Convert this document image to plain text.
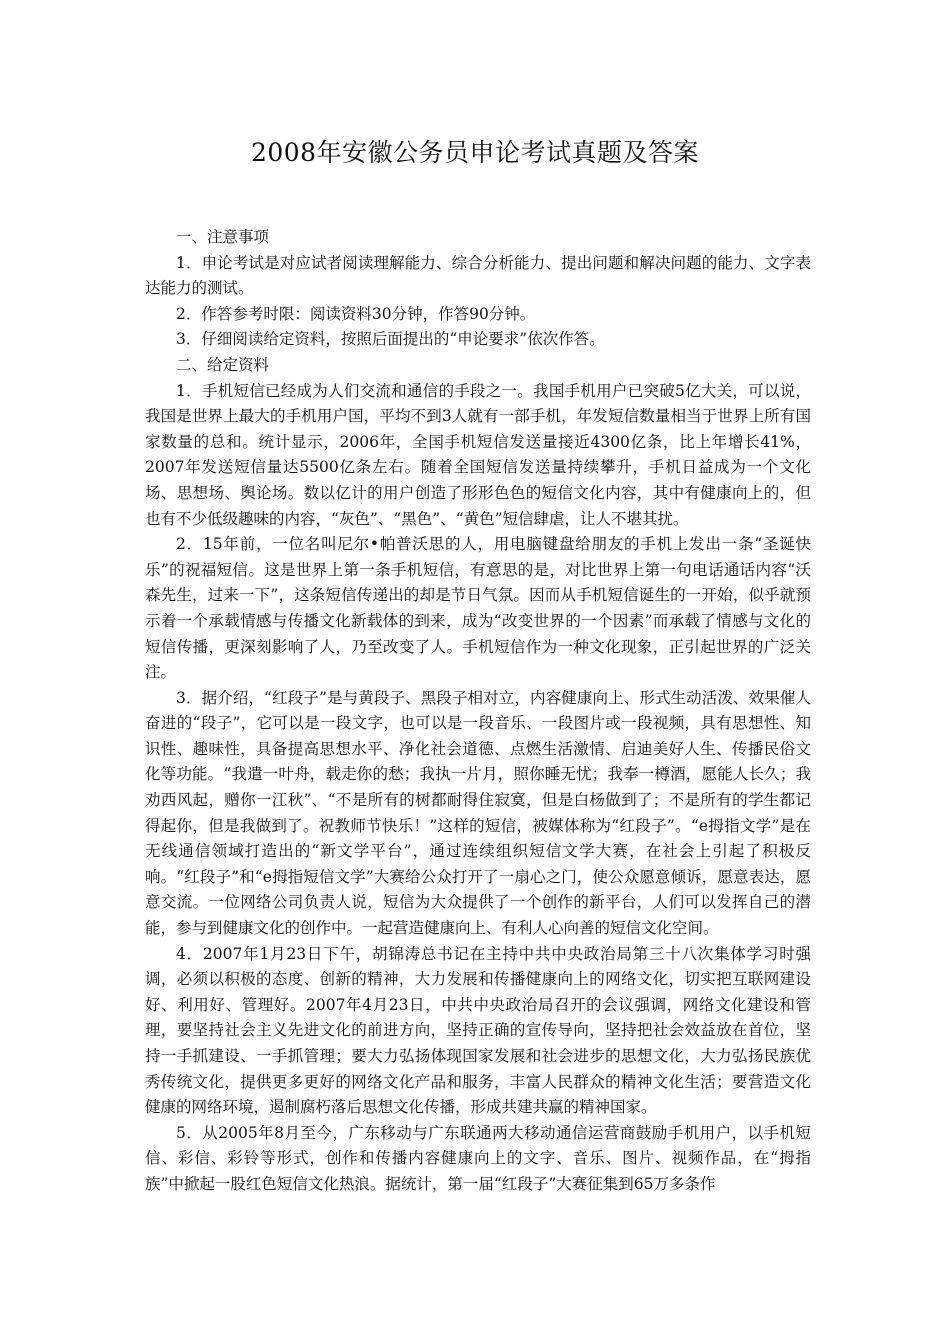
2008年安徽公务员申论考试真题及答案

一、注意事项

1．申论考试是对应试者阅读理解能力、综合分析能力、提出问题和解决问题的能力、文字表达能力的测试。

2．作答参考时限：阅读资料30分钟，作答90分钟。

3．仔细阅读给定资料，按照后面提出的“申论要求”依次作答。

二、给定资料

1．手机短信已经成为人们交流和通信的手段之一。我国手机用户已突破5亿大关，可以说，我国是世界上最大的手机用户国，平均不到3人就有一部手机，年发短信数量相当于世界上所有国家数量的总和。统计显示，2006年，全国手机短信发送量接近4300亿条，比上年增长41%，2007年发送短信量达5500亿条左右。随着全国短信发送量持续攀升，手机日益成为一个文化场、思想场、舆论场。数以亿计的用户创造了形形色色的短信文化内容，其中有健康向上的，但也有不少低级趣味的内容，“灰色”、“黑色”、“黄色”短信肆虐，让人不堪其扰。

2．15年前，一位名叫尼尔•帕普沃思的人，用电脑键盘给朋友的手机上发出一条“圣诞快乐”的祝福短信。这是世界上第一条手机短信，有意思的是，对比世界上第一句电话通话内容“沃森先生，过来一下”，这条短信传递出的却是节日气氛。因而从手机短信诞生的一开始，似乎就预示着一个承载情感与传播文化新载体的到来，成为“改变世界的一个因素”而承载了情感与文化的短信传播，更深刻影响了人，乃至改变了人。手机短信作为一种文化现象，正引起世界的广泛关注。

3．据介绍，“红段子”是与黄段子、黑段子相对立，内容健康向上、形式生动活泼、效果催人奋进的“段子”，它可以是一段文字，也可以是一段音乐、一段图片或一段视频，具有思想性、知识性、趣味性，具备提高思想水平、净化社会道德、点燃生活激情、启迪美好人生、传播民俗文化等功能。“我遣一叶舟，载走你的愁；我执一片月，照你睡无忧；我奉一樽酒，愿能人长久；我劝西风起，赠你一江秋”、“不是所有的树都耐得住寂寞，但是白杨做到了；不是所有的学生都记得起你，但是我做到了。祝教师节快乐！”这样的短信，被媒体称为“红段子”。“e拇指文学”是在无线通信领域打造出的“新文学平台”，通过连续组织短信文学大赛，在社会上引起了积极反响。“红段子”和“e拇指短信文学”大赛给公众打开了一扇心之门，使公众愿意倾诉，愿意表达，愿意交流。一位网络公司负责人说，短信为大众提供了一个创作的新平台，人们可以发挥自己的潜能，参与到健康文化的创作中。一起营造健康向上、有利人心向善的短信文化空间。

4．2007年1月23日下午，胡锦涛总书记在主持中共中央政治局第三十八次集体学习时强调，必须以积极的态度、创新的精神，大力发展和传播健康向上的网络文化，切实把互联网建设好、利用好、管理好。2007年4月23日，中共中央政治局召开的会议强调，网络文化建设和管理，要坚持社会主义先进文化的前进方向，坚持正确的宣传导向，坚持把社会效益放在首位，坚持一手抓建设、一手抓管理；要大力弘扬体现国家发展和社会进步的思想文化，大力弘扬民族优秀传统文化，提供更多更好的网络文化产品和服务，丰富人民群众的精神文化生活；要营造文化健康的网络环境，遏制腐朽落后思想文化传播，形成共建共赢的精神国家。

5．从2005年8月至今，广东移动与广东联通两大移动通信运营商鼓励手机用户，以手机短信、彩信、彩铃等形式，创作和传播内容健康向上的文字、音乐、图片、视频作品，在“拇指族”中掀起一股红色短信文化热浪。据统计，第一届“红段子”大赛征集到65万多条作
